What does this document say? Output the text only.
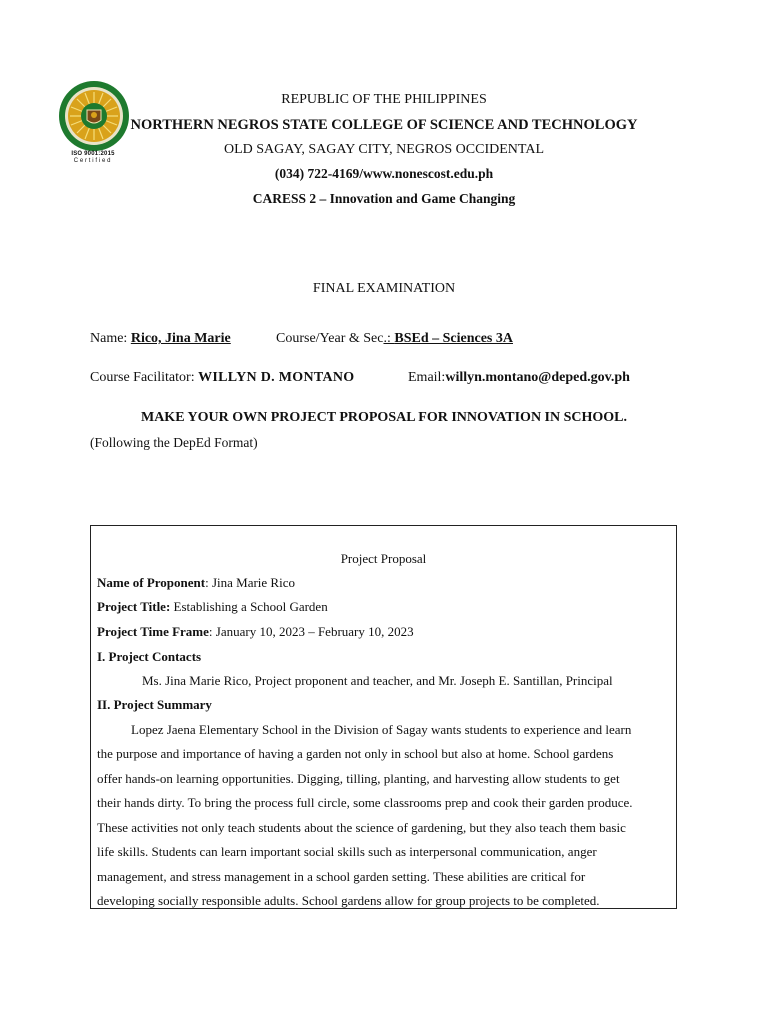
ISO 9001:2015
Certified
REPUBLIC OF THE PHILIPPINES
NORTHERN NEGROS STATE COLLEGE OF SCIENCE AND TECHNOLOGY
OLD SAGAY, SAGAY CITY, NEGROS OCCIDENTAL
(034) 722-4169/www.nonescost.edu.ph
CARESS 2 – Innovation and Game Changing
FINAL EXAMINATION
Name: Rico, Jina Marie	Course/Year & Sec.: BSEd – Sciences 3A
Course Facilitator: WILLYN D. MONTANO	Email:willyn.montano@deped.gov.ph
MAKE YOUR OWN PROJECT PROPOSAL FOR INNOVATION IN SCHOOL.
(Following the DepEd Format)
Project Proposal
Name of Proponent: Jina Marie Rico
Project Title: Establishing a School Garden
Project Time Frame: January 10, 2023 – February 10, 2023
I. Project Contacts
Ms. Jina Marie Rico, Project proponent and teacher, and Mr. Joseph E. Santillan, Principal
II. Project Summary
Lopez Jaena Elementary School in the Division of Sagay wants students to experience and learn
the purpose and importance of having a garden not only in school but also at home. School gardens
offer hands-on learning opportunities. Digging, tilling, planting, and harvesting allow students to get
their hands dirty. To bring the process full circle, some classrooms prep and cook their garden produce.
These activities not only teach students about the science of gardening, but they also teach them basic
life skills. Students can learn important social skills such as interpersonal communication, anger
management, and stress management in a school garden setting. These abilities are critical for
developing socially responsible adults. School gardens allow for group projects to be completed.
